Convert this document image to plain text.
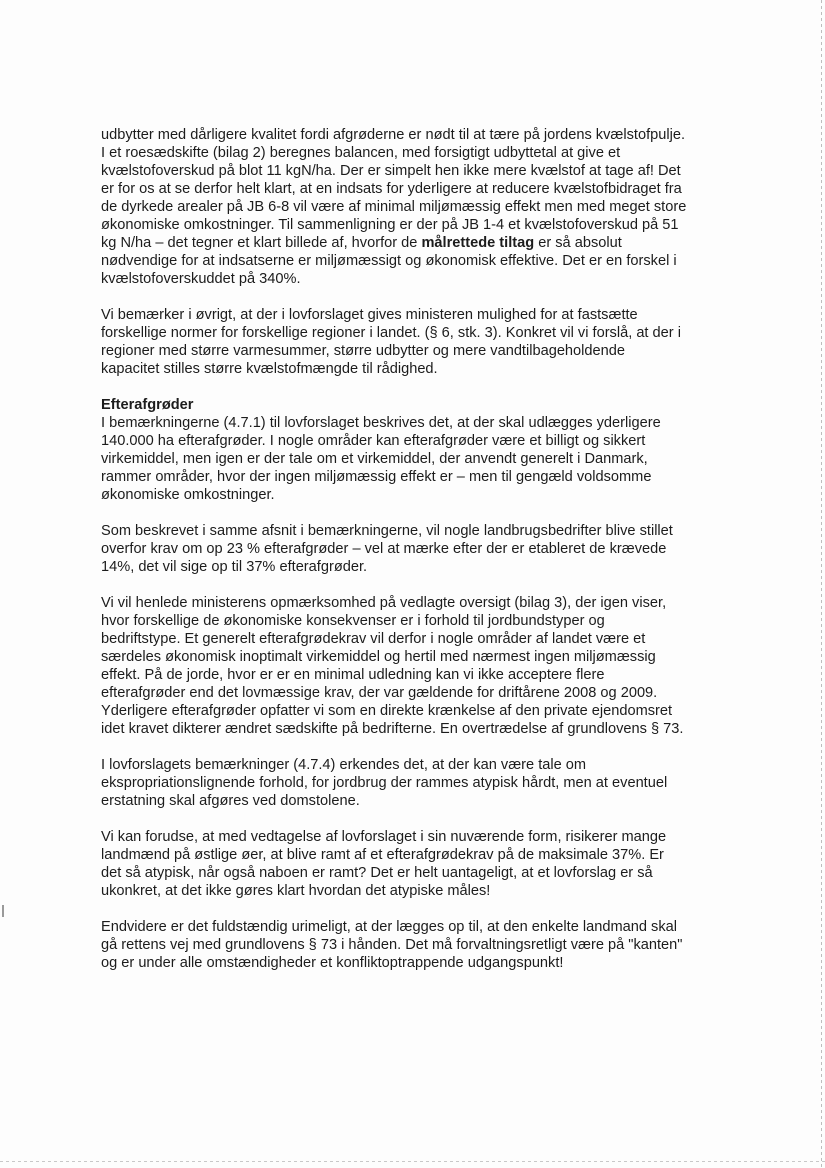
udbytter med dårligere kvalitet fordi afgrøderne er nødt til at tære på jordens kvælstofpulje.
I et roesædskifte (bilag 2) beregnes balancen, med forsigtigt udbyttetal at give et
kvælstofoverskud på blot 11 kgN/ha. Der er simpelt hen ikke mere kvælstof at tage af! Det
er for os at se derfor helt klart, at en indsats for yderligere at reducere kvælstofbidraget fra
de dyrkede arealer på JB 6-8 vil være af minimal miljømæssig effekt men med meget store
økonomiske omkostninger. Til sammenligning er der på JB 1-4 et kvælstofoverskud på 51
kg N/ha – det tegner et klart billede af, hvorfor de målrettede tiltag er så absolut
nødvendige for at indsatserne er miljømæssigt og økonomisk effektive. Det er en forskel i
kvælstofoverskuddet på 340%.

Vi bemærker i øvrigt, at der i lovforslaget gives ministeren mulighed for at fastsætte
forskellige normer for forskellige regioner i landet. (§ 6, stk. 3). Konkret vil vi forslå, at der i
regioner med større varmesummer, større udbytter og mere vandtilbageholdende
kapacitet stilles større kvælstofmængde til rådighed.

Efterafgrøder
I bemærkningerne (4.7.1) til lovforslaget beskrives det, at der skal udlægges yderligere
140.000 ha efterafgrøder. I nogle områder kan efterafgrøder være et billigt og sikkert
virkemiddel, men igen er der tale om et virkemiddel, der anvendt generelt i Danmark,
rammer områder, hvor der ingen miljømæssig effekt er – men til gengæld voldsomme
økonomiske omkostninger.

Som beskrevet i samme afsnit i bemærkningerne, vil nogle landbrugsbedrifter blive stillet
overfor krav om op 23 % efterafgrøder – vel at mærke efter der er etableret de krævede
14%, det vil sige op til 37% efterafgrøder.

Vi vil henlede ministerens opmærksomhed på vedlagte oversigt (bilag 3), der igen viser,
hvor forskellige de økonomiske konsekvenser er i forhold til jordbundstyper og
bedriftstype. Et generelt efterafgrødekrav vil derfor i nogle områder af landet være et
særdeles økonomisk inoptimalt virkemiddel og hertil med nærmest ingen miljømæssig
effekt. På de jorde, hvor er er en minimal udledning kan vi ikke acceptere flere
efterafgrøder end det lovmæssige krav, der var gældende for driftårene 2008 og 2009.
Yderligere efterafgrøder opfatter vi som en direkte krænkelse af den private ejendomsret
idet kravet dikterer ændret sædskifte på bedrifterne. En overtrædelse af grundlovens § 73.

I lovforslagets bemærkninger (4.7.4) erkendes det, at der kan være tale om
ekspropriationslignende forhold, for jordbrug der rammes atypisk hårdt, men at eventuel
erstatning skal afgøres ved domstolene.

Vi kan forudse, at med vedtagelse af lovforslaget i sin nuværende form, risikerer mange
landmænd på østlige øer, at blive ramt af et efterafgrødekrav på de maksimale 37%. Er
det så atypisk, når også naboen er ramt? Det er helt uantageligt, at et lovforslag er så
ukonkret, at det ikke gøres klart hvordan det atypiske måles!

Endvidere er det fuldstændig urimeligt, at der lægges op til, at den enkelte landmand skal
gå rettens vej med grundlovens § 73 i hånden. Det må forvaltningsretligt være på "kanten"
og er under alle omstændigheder et konfliktoptrappende udgangspunkt!
